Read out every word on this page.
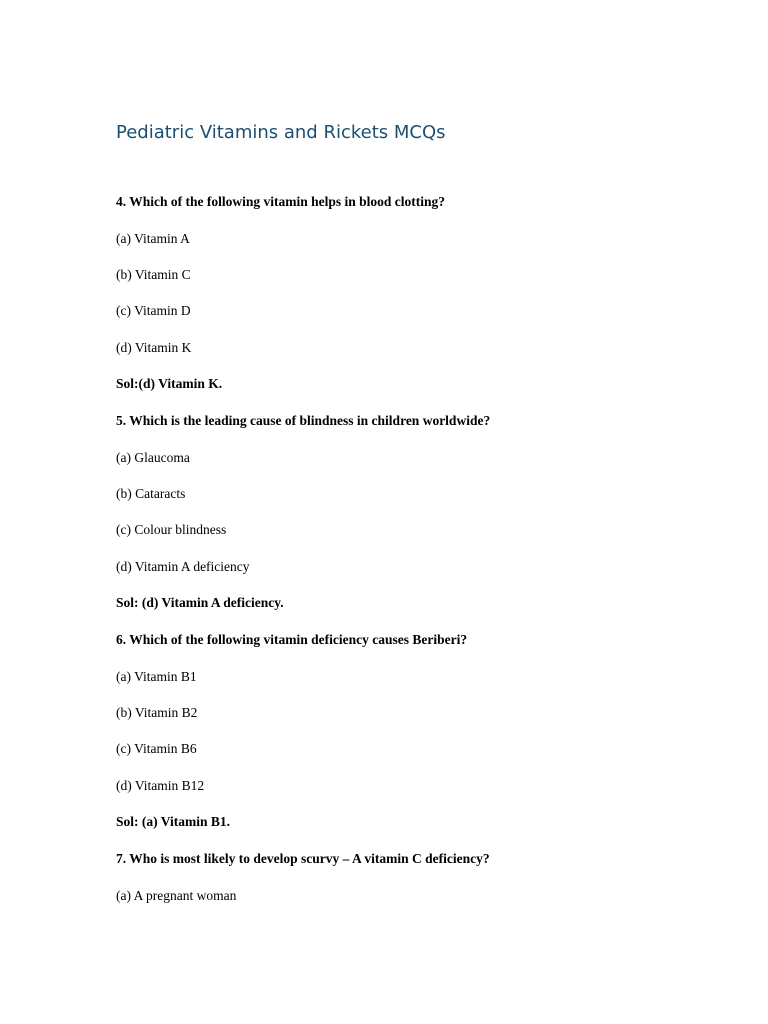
Pediatric Vitamins and Rickets MCQs

4. Which of the following vitamin helps in blood clotting?

(a) Vitamin A

(b) Vitamin C

(c) Vitamin D

(d) Vitamin K

Sol:(d) Vitamin K.

5. Which is the leading cause of blindness in children worldwide?

(a) Glaucoma

(b) Cataracts

(c) Colour blindness

(d) Vitamin A deficiency

Sol: (d) Vitamin A deficiency.

6. Which of the following vitamin deficiency causes Beriberi?

(a) Vitamin B1

(b) Vitamin B2

(c) Vitamin B6

(d) Vitamin B12

Sol: (a) Vitamin B1.

7. Who is most likely to develop scurvy – A vitamin C deficiency?

(a) A pregnant woman
